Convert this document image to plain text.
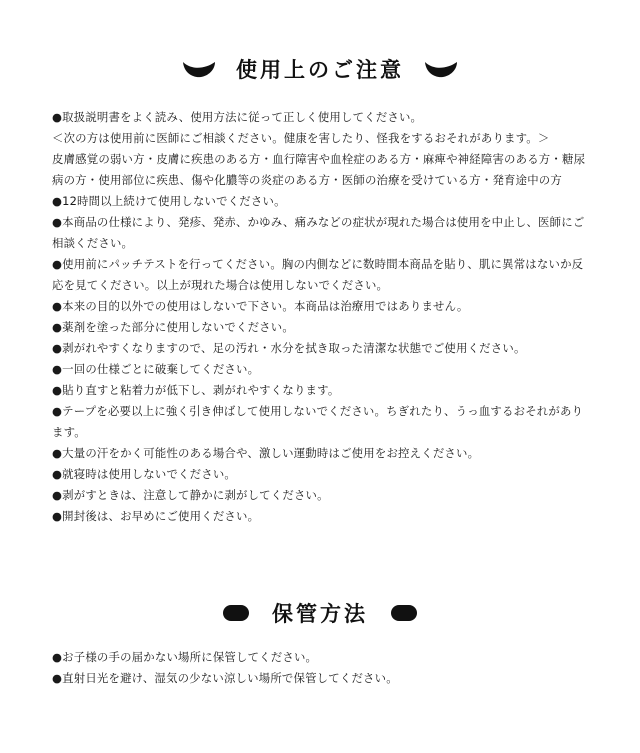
使用上のご注意

●取扱説明書をよく読み、使用方法に従って正しく使用してください。

＜次の方は使用前に医師にご相談ください。健康を害したり、怪我をするおそれがあります。＞

皮膚感覚の弱い方・皮膚に疾患のある方・血行障害や血栓症のある方・麻痺や神経障害のある方・糖尿病の方・使用部位に疾患、傷や化膿等の炎症のある方・医師の治療を受けている方・発育途中の方

●12時間以上続けて使用しないでください。

●本商品の仕様により、発疹、発赤、かゆみ、痛みなどの症状が現れた場合は使用を中止し、医師にご相談ください。

●使用前にパッチテストを行ってください。胸の内側などに数時間本商品を貼り、肌に異常はないか反応を見てください。以上が現れた場合は使用しないでください。

●本来の目的以外での使用はしないで下さい。本商品は治療用ではありません。

●薬剤を塗った部分に使用しないでください。

●剥がれやすくなりますので、足の汚れ・水分を拭き取った清潔な状態でご使用ください。

●一回の仕様ごとに破棄してください。

●貼り直すと粘着力が低下し、剥がれやすくなります。

●テープを必要以上に強く引き伸ばして使用しないでください。ちぎれたり、うっ血するおそれがあります。

●大量の汗をかく可能性のある場合や、激しい運動時はご使用をお控えください。

●就寝時は使用しないでください。

●剥がすときは、注意して静かに剥がしてください。

●開封後は、お早めにご使用ください。

保管方法

●お子様の手の届かない場所に保管してください。

●直射日光を避け、湿気の少ない涼しい場所で保管してください。
